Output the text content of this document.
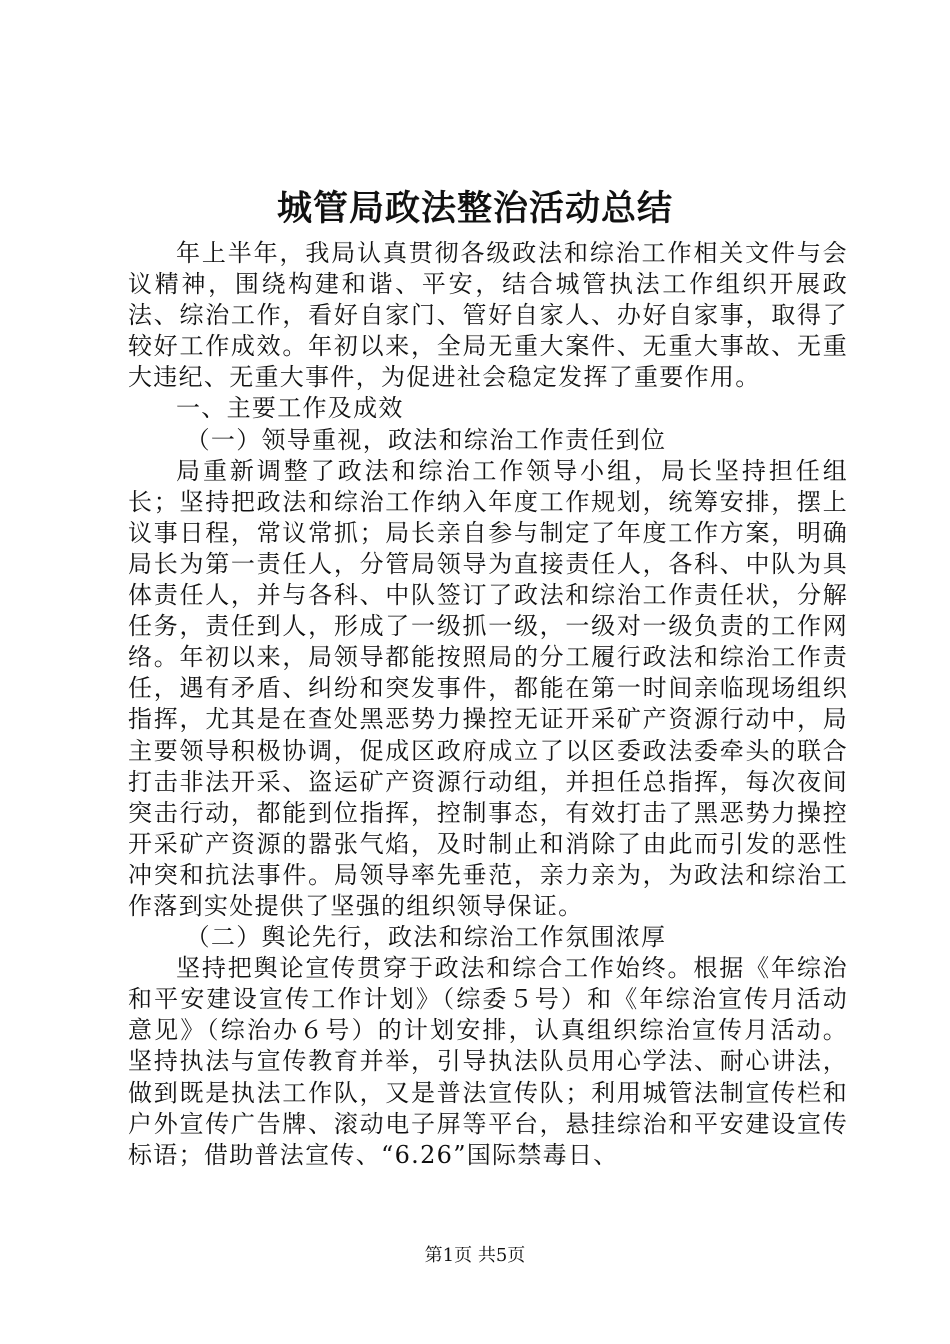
城管局政法整治活动总结

年上半年，我局认真贯彻各级政法和综治工作相关文件与会议精神，围绕构建和谐、平安，结合城管执法工作组织开展政法、综治工作，看好自家门、管好自家人、办好自家事，取得了较好工作成效。年初以来，全局无重大案件、无重大事故、无重大违纪、无重大事件，为促进社会稳定发挥了重要作用。

一、主要工作及成效

（一）领导重视，政法和综治工作责任到位

局重新调整了政法和综治工作领导小组，局长坚持担任组长；坚持把政法和综治工作纳入年度工作规划，统筹安排，摆上议事日程，常议常抓；局长亲自参与制定了年度工作方案，明确局长为第一责任人，分管局领导为直接责任人，各科、中队为具体责任人，并与各科、中队签订了政法和综治工作责任状，分解任务，责任到人，形成了一级抓一级，一级对一级负责的工作网络。年初以来，局领导都能按照局的分工履行政法和综治工作责任，遇有矛盾、纠纷和突发事件，都能在第一时间亲临现场组织指挥，尤其是在查处黑恶势力操控无证开采矿产资源行动中，局主要领导积极协调，促成区政府成立了以区委政法委牵头的联合打击非法开采、盗运矿产资源行动组，并担任总指挥，每次夜间突击行动，都能到位指挥，控制事态，有效打击了黑恶势力操控开采矿产资源的嚣张气焰，及时制止和消除了由此而引发的恶性冲突和抗法事件。局领导率先垂范，亲力亲为，为政法和综治工作落到实处提供了坚强的组织领导保证。

（二）舆论先行，政法和综治工作氛围浓厚

坚持把舆论宣传贯穿于政法和综合工作始终。根据《年综治和平安建设宣传工作计划》（综委５号）和《年综治宣传月活动意见》（综治办６号）的计划安排，认真组织综治宣传月活动。坚持执法与宣传教育并举，引导执法队员用心学法、耐心讲法，做到既是执法工作队，又是普法宣传队；利用城管法制宣传栏和户外宣传广告牌、滚动电子屏等平台，悬挂综治和平安建设宣传标语；借助普法宣传、“6.26”国际禁毒日、

第1页 共5页
